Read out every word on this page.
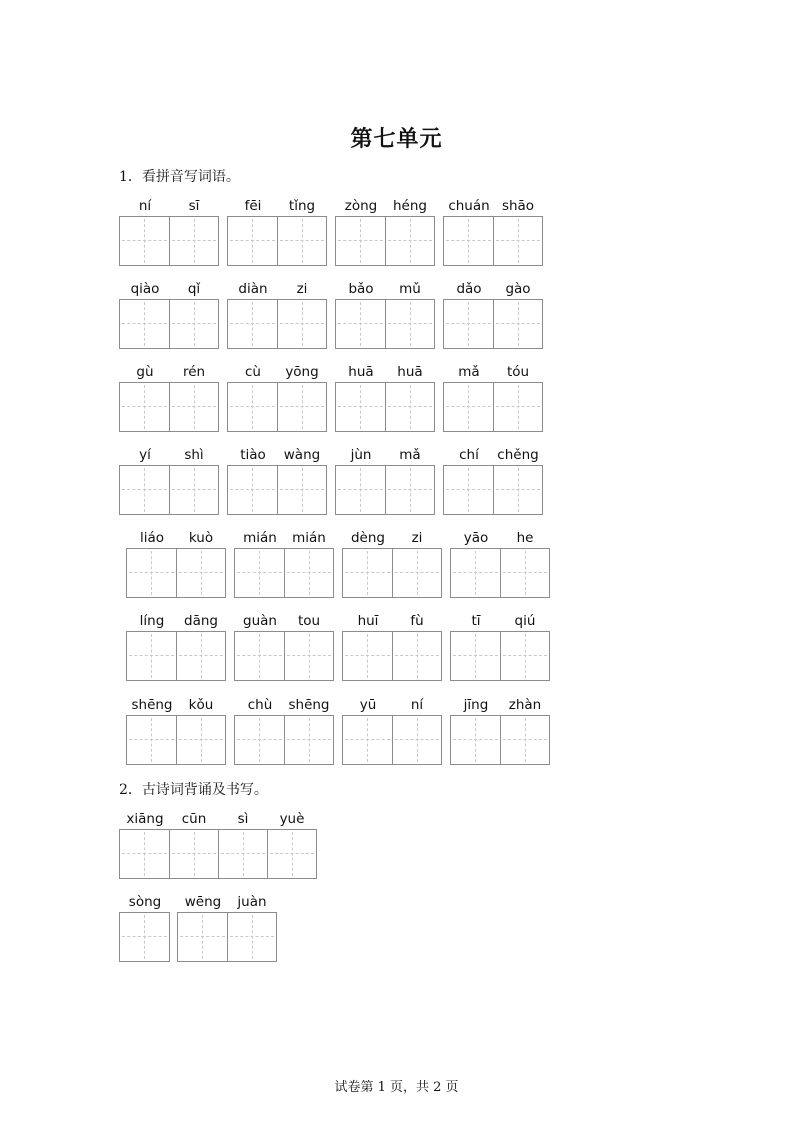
第七单元
1．看拼音写词语。
2．古诗词背诵及书写。
ní	sī	fēi	tǐng	zòng	héng	chuán shāo
qiào	qǐ	diàn	zi	bǎo	mǔ	dǎo	gào
gù	rén	cù	yōng	huā	huā	mǎ	tóu
yí	shì	tiào	wàng	jùn	mǎ	chí	chěng
liáo	kuò	mián	mián	dèng	zi	yāo	he
líng	dāng	guàn	tou	huī	fù	tī	qiú
shēng	kǒu	chù	shēng	yū	ní	jīng	zhàn
xiāng	cūn	sì	yuè
sòng	wēng	juàn
试卷第 1 页，共 2 页
